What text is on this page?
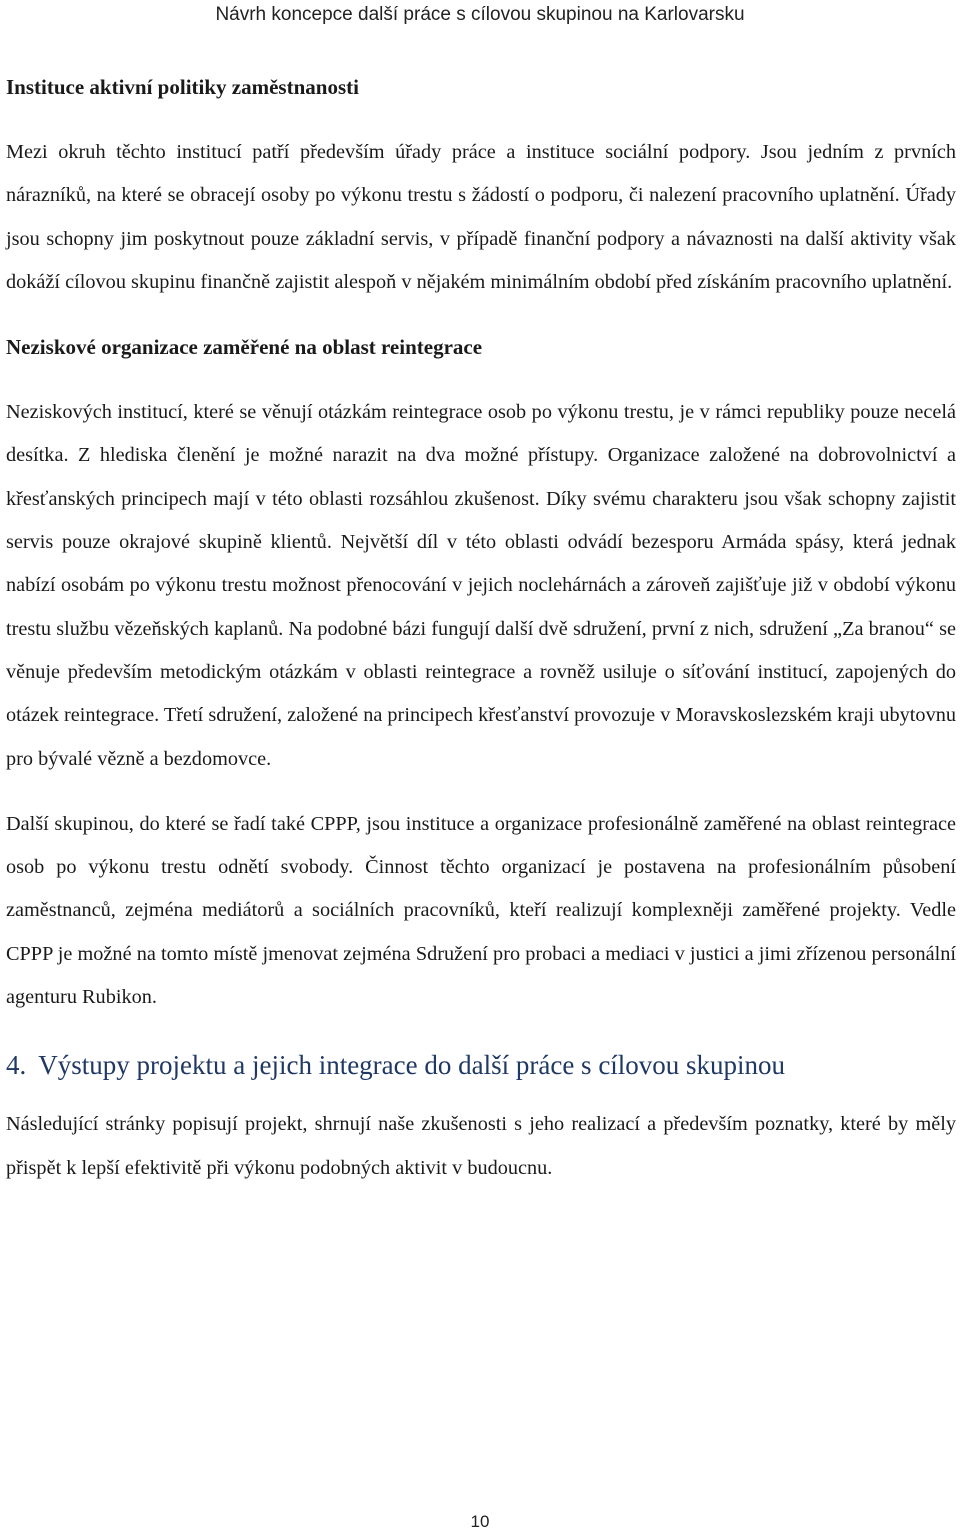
Návrh koncepce další práce s cílovou skupinou na Karlovarsku
Instituce aktivní politiky zaměstnanosti

Mezi okruh těchto institucí patří především úřady práce a instituce sociální podpory. Jsou jedním z prvních nárazníků, na které se obracejí osoby po výkonu trestu s žádostí o podporu, či nalezení pracovního uplatnění. Úřady jsou schopny jim poskytnout pouze základní servis, v případě finanční podpory a návaznosti na další aktivity však dokáží cílovou skupinu finančně zajistit alespoň v nějakém minimálním období před získáním pracovního uplatnění.

Neziskové organizace zaměřené na oblast reintegrace

Neziskových institucí, které se věnují otázkám reintegrace osob po výkonu trestu, je v rámci republiky pouze necelá desítka. Z hlediska členění je možné narazit na dva možné přístupy. Organizace založené na dobrovolnictví a křesťanských principech mají v této oblasti rozsáhlou zkušenost. Díky svému charakteru jsou však schopny zajistit servis pouze okrajové skupině klientů. Největší díl v této oblasti odvádí bezesporu Armáda spásy, která jednak nabízí osobám po výkonu trestu možnost přenocování v jejich noclehárnách a zároveň zajišťuje již v období výkonu trestu službu vězeňských kaplanů. Na podobné bázi fungují další dvě sdružení, první z nich, sdružení „Za branou“ se věnuje především metodickým otázkám v oblasti reintegrace a rovněž usiluje o síťování institucí, zapojených do otázek reintegrace. Třetí sdružení, založené na principech křesťanství provozuje v Moravskoslezském kraji ubytovnu pro bývalé vězně a bezdomovce.

Další skupinou, do které se řadí také CPPP, jsou instituce a organizace profesionálně zaměřené na oblast reintegrace osob po výkonu trestu odnětí svobody. Činnost těchto organizací je postavena na profesionálním působení zaměstnanců, zejména mediátorů a sociálních pracovníků, kteří realizují komplexněji zaměřené projekty. Vedle CPPP je možné na tomto místě jmenovat zejména Sdružení pro probaci a mediaci v justici a jimi zřízenou personální agenturu Rubikon.

4. Výstupy projektu a jejich integrace do další práce s cílovou skupinou

Následující stránky popisují projekt, shrnují naše zkušenosti s jeho realizací a především poznatky, které by měly přispět k lepší efektivitě při výkonu podobných aktivit v budoucnu.

10
